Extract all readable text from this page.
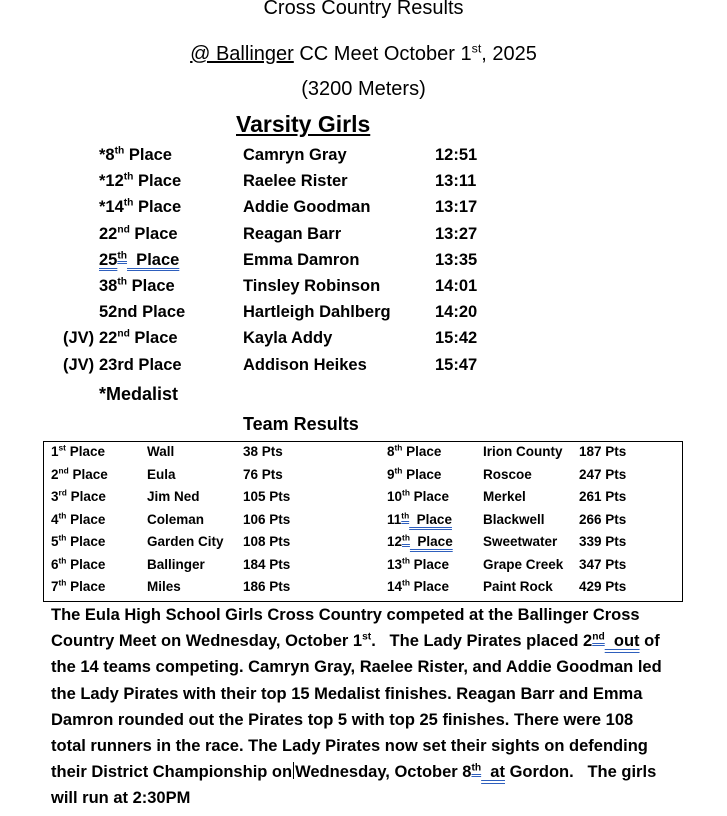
Cross Country Results
@ Ballinger CC Meet October 1st, 2025
(3200 Meters)
Varsity Girls
*8th Place	Camryn Gray	12:51
*12th Place	Raelee Rister	13:11
*14th Place	Addie Goodman	13:17
22nd Place	Reagan Barr	13:27
25th  Place	Emma Damron	13:35
38th Place	Tinsley Robinson	14:01
52nd Place	Hartleigh Dahlberg	14:20
(JV) 22nd Place	Kayla Addy	15:42
(JV) 23rd Place	Addison Heikes	15:47
*Medalist
Team Results
1st Place	Wall	38 Pts
2nd Place	Eula	76 Pts
3rd Place	Jim Ned	105 Pts
4th Place	Coleman	106 Pts
5th Place	Garden City 108 Pts
6th Place	Ballinger	184 Pts
7th Place	Miles	186 Pts
8th Place	Irion County 187 Pts
9th Place	Roscoe	247 Pts
10th Place	Merkel	261 Pts
11th  Place Blackwell	266 Pts
12th  Place Sweetwater 339 Pts
13th Place	Grape Creek 347 Pts
14th Place	Paint Rock 429 Pts

The Eula High School Girls Cross Country competed at the Ballinger Cross

Country Meet on Wednesday, October 1st.   The Lady Pirates placed 2nd  out of

the 14 teams competing. Camryn Gray, Raelee Rister, and Addie Goodman led

the Lady Pirates with their top 15 Medalist finishes. Reagan Barr and Emma

Damron rounded out the Pirates top 5 with top 25 finishes. There were 108

total runners in the race. The Lady Pirates now set their sights on defending

their District Championship on Wednesday, October 8th  at Gordon.   The girls

will run at 2:30PM
